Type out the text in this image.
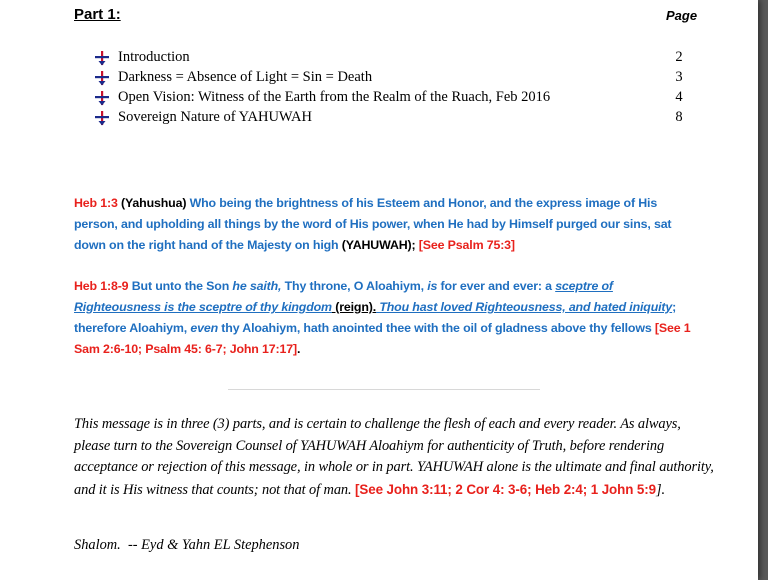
Part 1:	Page
Introduction	2
Darkness = Absence of Light = Sin = Death	3
Open Vision: Witness of the Earth from the Realm of the Ruach, Feb 2016	4
Sovereign Nature of YAHUWAH	8
Heb 1:3 (Yahushua) Who being the brightness of his Esteem and Honor, and the express image of His person, and upholding all things by the word of His power, when He had by Himself purged our sins, sat down on the right hand of the Majesty on high (YAHUWAH); [See Psalm 75:3]
Heb 1:8-9 But unto the Son he saith, Thy throne, O Aloahiym, is for ever and ever: a sceptre of Righteousness is the sceptre of thy kingdom (reign). Thou hast loved Righteousness, and hated iniquity; therefore Aloahiym, even thy Aloahiym, hath anointed thee with the oil of gladness above thy fellows [See 1 Sam 2:6-10; Psalm 45: 6-7; John 17:17].
This message is in three (3) parts, and is certain to challenge the flesh of each and every reader. As always, please turn to the Sovereign Counsel of YAHUWAH Aloahiym for authenticity of Truth, before rendering acceptance or rejection of this message, in whole or in part. YAHUWAH alone is the ultimate and final authority, and it is His witness that counts; not that of man. [See John 3:11; 2 Cor 4: 3-6; Heb 2:4; 1 John 5:9].
Shalom.  -- Eyd & Yahn EL Stephenson
